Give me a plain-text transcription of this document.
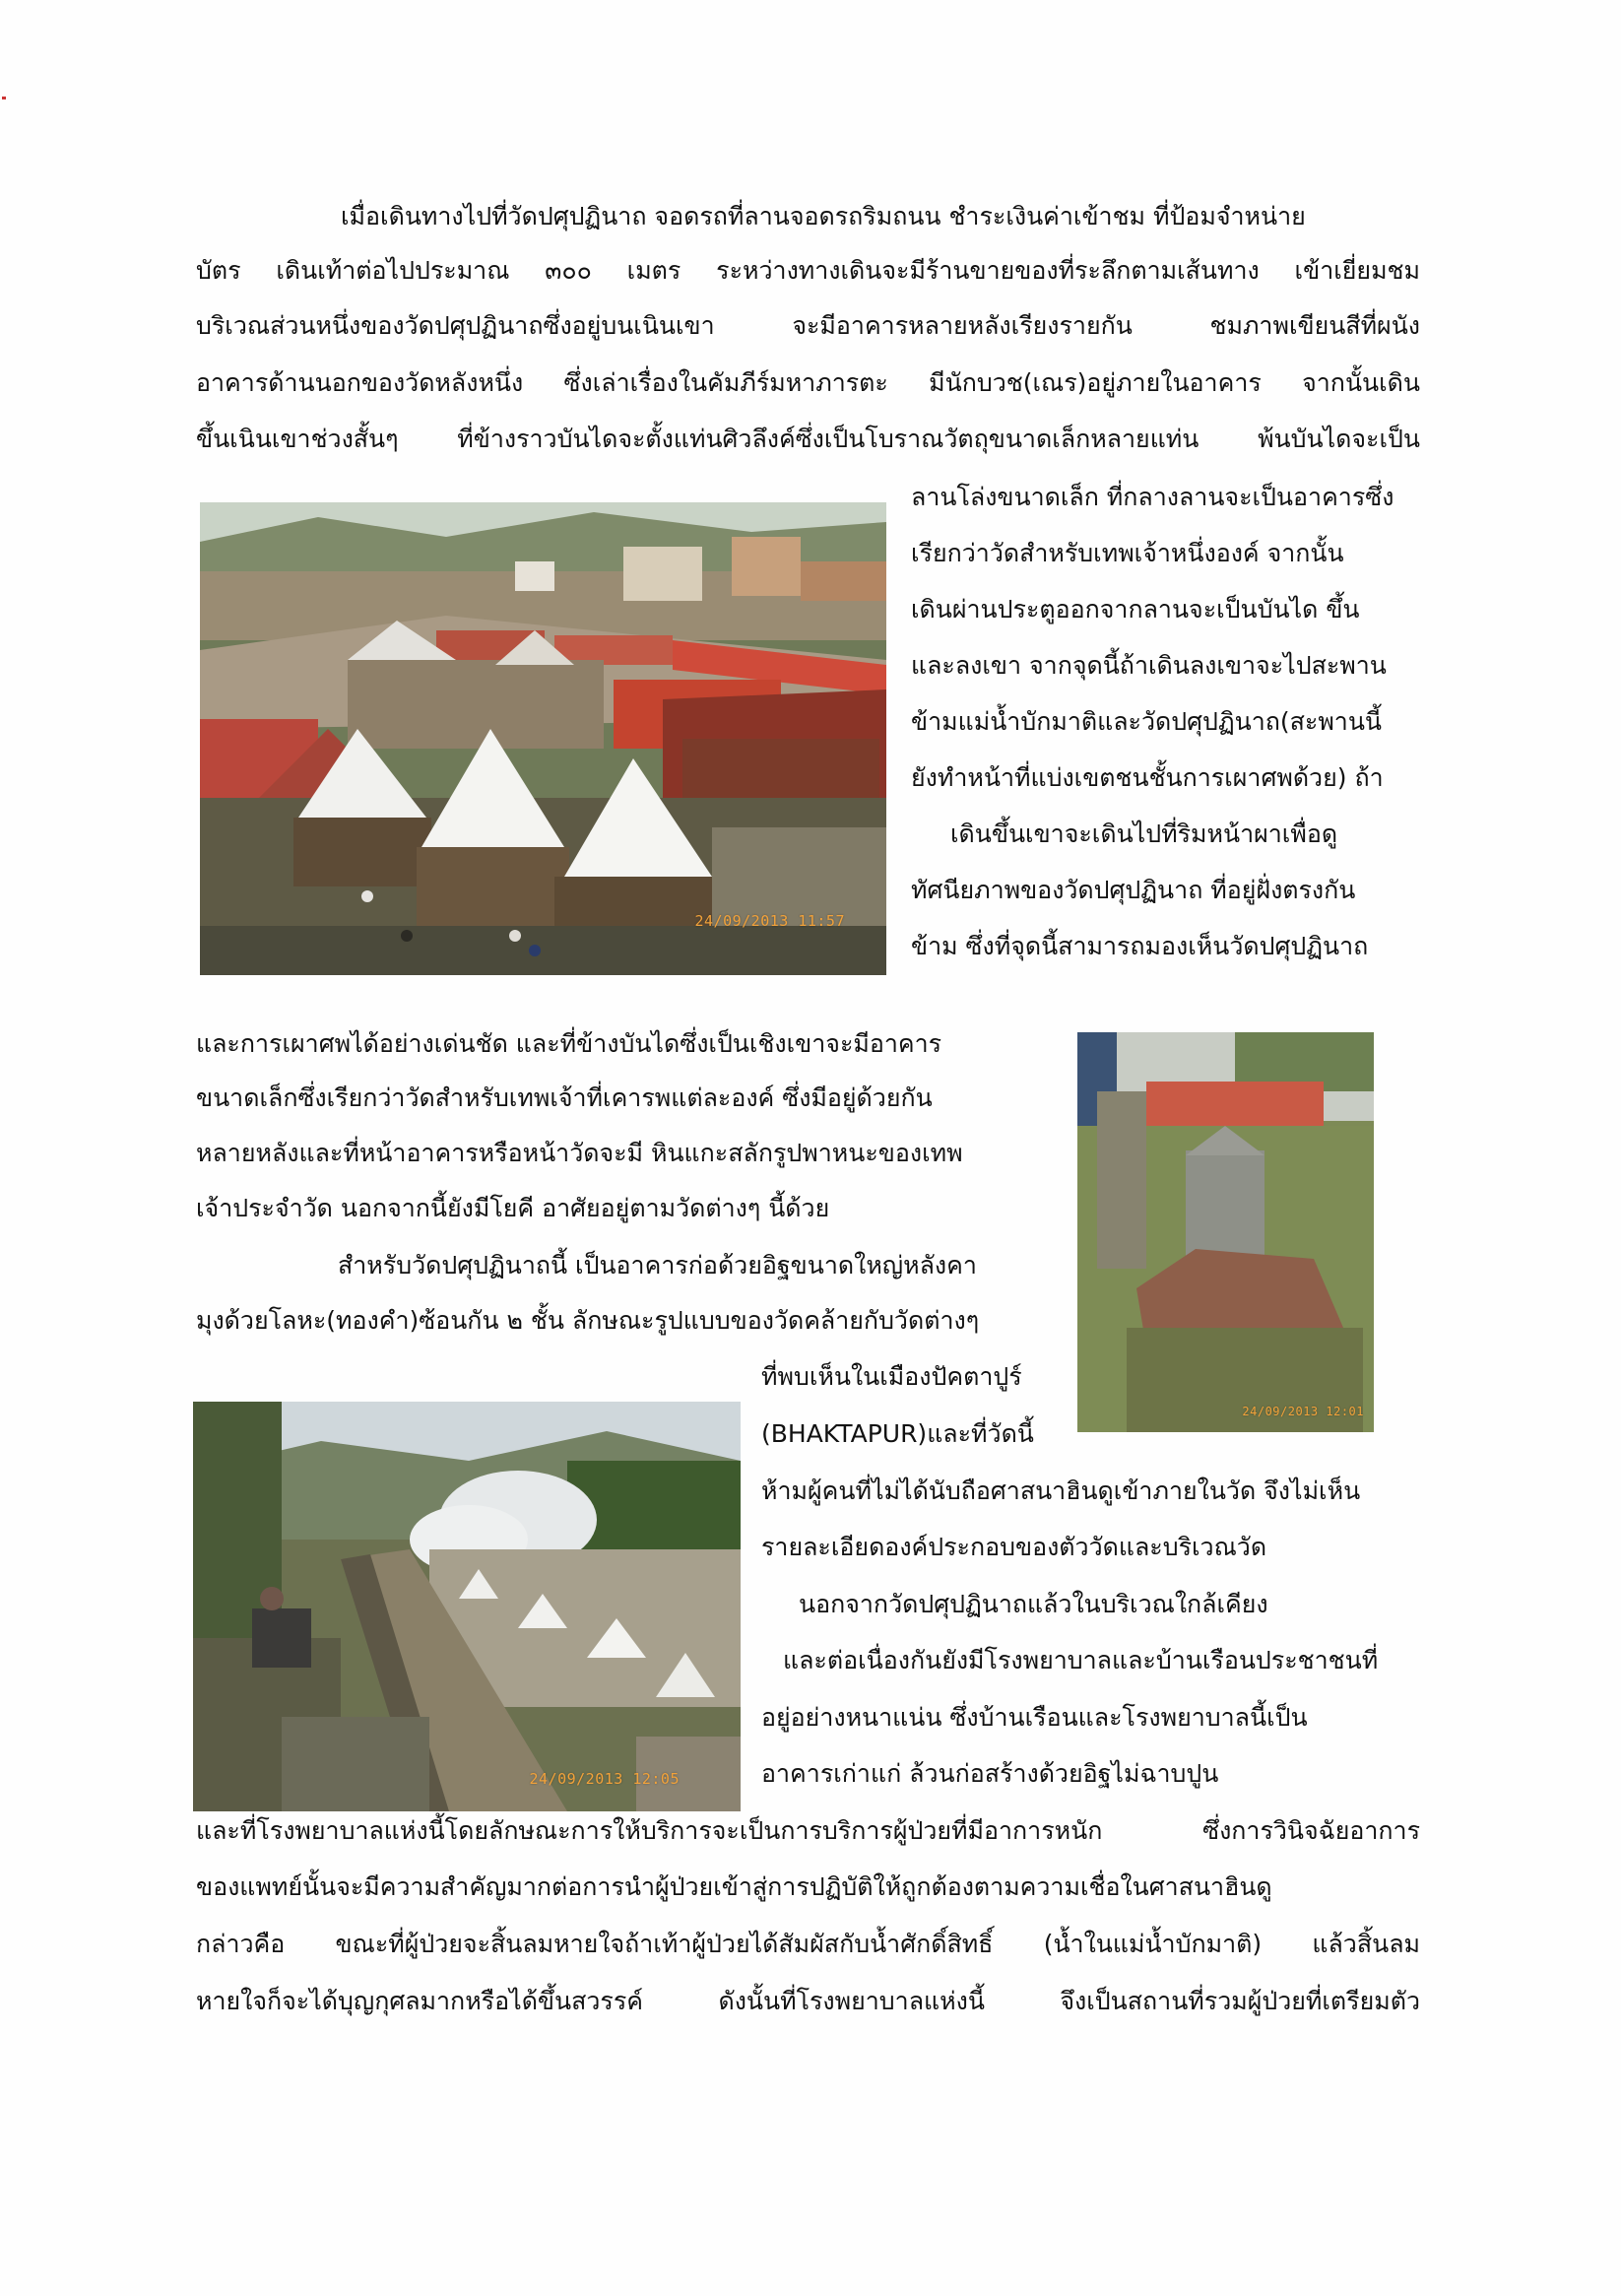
เมื่อเดินทางไปที่วัดปศุปฏินาถ จอดรถที่ลานจอดรถริมถนน ชำระเงินค่าเข้าชม ที่ป้อมจำหน่าย
บัตร เดินเท้าต่อไปประมาณ ๓๐๐ เมตร ระหว่างทางเดินจะมีร้านขายของที่ระลึกตามเส้นทาง เข้าเยี่ยมชม
บริเวณส่วนหนึ่งของวัดปศุปฏินาถซึ่งอยู่บนเนินเขา จะมีอาคารหลายหลังเรียงรายกัน ชมภาพเขียนสีที่ผนัง
อาคารด้านนอกของวัดหลังหนึ่ง ซึ่งเล่าเรื่องในคัมภีร์มหาภารตะ มีนักบวช(เณร)อยู่ภายในอาคาร จากนั้นเดิน
ขึ้นเนินเขาช่วงสั้นๆ ที่ข้างราวบันไดจะตั้งแท่นศิวลึงค์ซึ่งเป็นโบราณวัตถุขนาดเล็กหลายแท่น พ้นบันไดจะเป็น
ลานโล่งขนาดเล็ก ที่กลางลานจะเป็นอาคารซึ่ง
เรียกว่าวัดสำหรับเทพเจ้าหนึ่งองค์ จากนั้น
เดินผ่านประตูออกจากลานจะเป็นบันได ขึ้น
และลงเขา จากจุดนี้ถ้าเดินลงเขาจะไปสะพาน
ข้ามแม่น้ำบักมาติและวัดปศุปฏินาถ(สะพานนี้
ยังทำหน้าที่แบ่งเขตชนชั้นการเผาศพด้วย) ถ้า
เดินขึ้นเขาจะเดินไปที่ริมหน้าผาเพื่อดู
ทัศนียภาพของวัดปศุปฏินาถ ที่อยู่ฝั่งตรงกัน
ข้าม ซึ่งที่จุดนี้สามารถมองเห็นวัดปศุปฏินาถ
และการเผาศพได้อย่างเด่นชัด และที่ข้างบันไดซึ่งเป็นเชิงเขาจะมีอาคาร
ขนาดเล็กซึ่งเรียกว่าวัดสำหรับเทพเจ้าที่เคารพแต่ละองค์ ซึ่งมีอยู่ด้วยกัน
หลายหลังและที่หน้าอาคารหรือหน้าวัดจะมี หินแกะสลักรูปพาหนะของเทพ
เจ้าประจำวัด นอกจากนี้ยังมีโยคี อาศัยอยู่ตามวัดต่างๆ นี้ด้วย
สำหรับวัดปศุปฏินาถนี้ เป็นอาคารก่อด้วยอิฐขนาดใหญ่หลังคา
มุงด้วยโลหะ(ทองคำ)ซ้อนกัน ๒ ชั้น ลักษณะรูปแบบของวัดคล้ายกับวัดต่างๆ
ที่พบเห็นในเมืองปัคตาปูร์
(BHAKTAPUR)และที่วัดนี้
ห้ามผู้คนที่ไม่ได้นับถือศาสนาฮินดูเข้าภายในวัด จึงไม่เห็น
รายละเอียดองค์ประกอบของตัววัดและบริเวณวัด
นอกจากวัดปศุปฏินาถแล้วในบริเวณใกล้เคียง
และต่อเนื่องกันยังมีโรงพยาบาลและบ้านเรือนประชาชนที่
อยู่อย่างหนาแน่น ซึ่งบ้านเรือนและโรงพยาบาลนี้เป็น
อาคารเก่าแก่ ล้วนก่อสร้างด้วยอิฐไม่ฉาบปูน
และที่โรงพยาบาลแห่งนี้โดยลักษณะการให้บริการจะเป็นการบริการผู้ป่วยที่มีอาการหนัก ซึ่งการวินิจฉัยอาการ
ของแพทย์นั้นจะมีความสำคัญมากต่อการนำผู้ป่วยเข้าสู่การปฏิบัติให้ถูกต้องตามความเชื่อในศาสนาฮินดู
กล่าวคือ ขณะที่ผู้ป่วยจะสิ้นลมหายใจถ้าเท้าผู้ป่วยได้สัมผัสกับน้ำศักดิ์สิทธิ์ (น้ำในแม่น้ำบักมาติ) แล้วสิ้นลม
หายใจก็จะได้บุญกุศลมากหรือได้ขึ้นสวรรค์ ดังนั้นที่โรงพยาบาลแห่งนี้ จึงเป็นสถานที่รวมผู้ป่วยที่เตรียมตัว
24/09/2013 11:57
24/09/2013 12:01
24/09/2013 12:05
